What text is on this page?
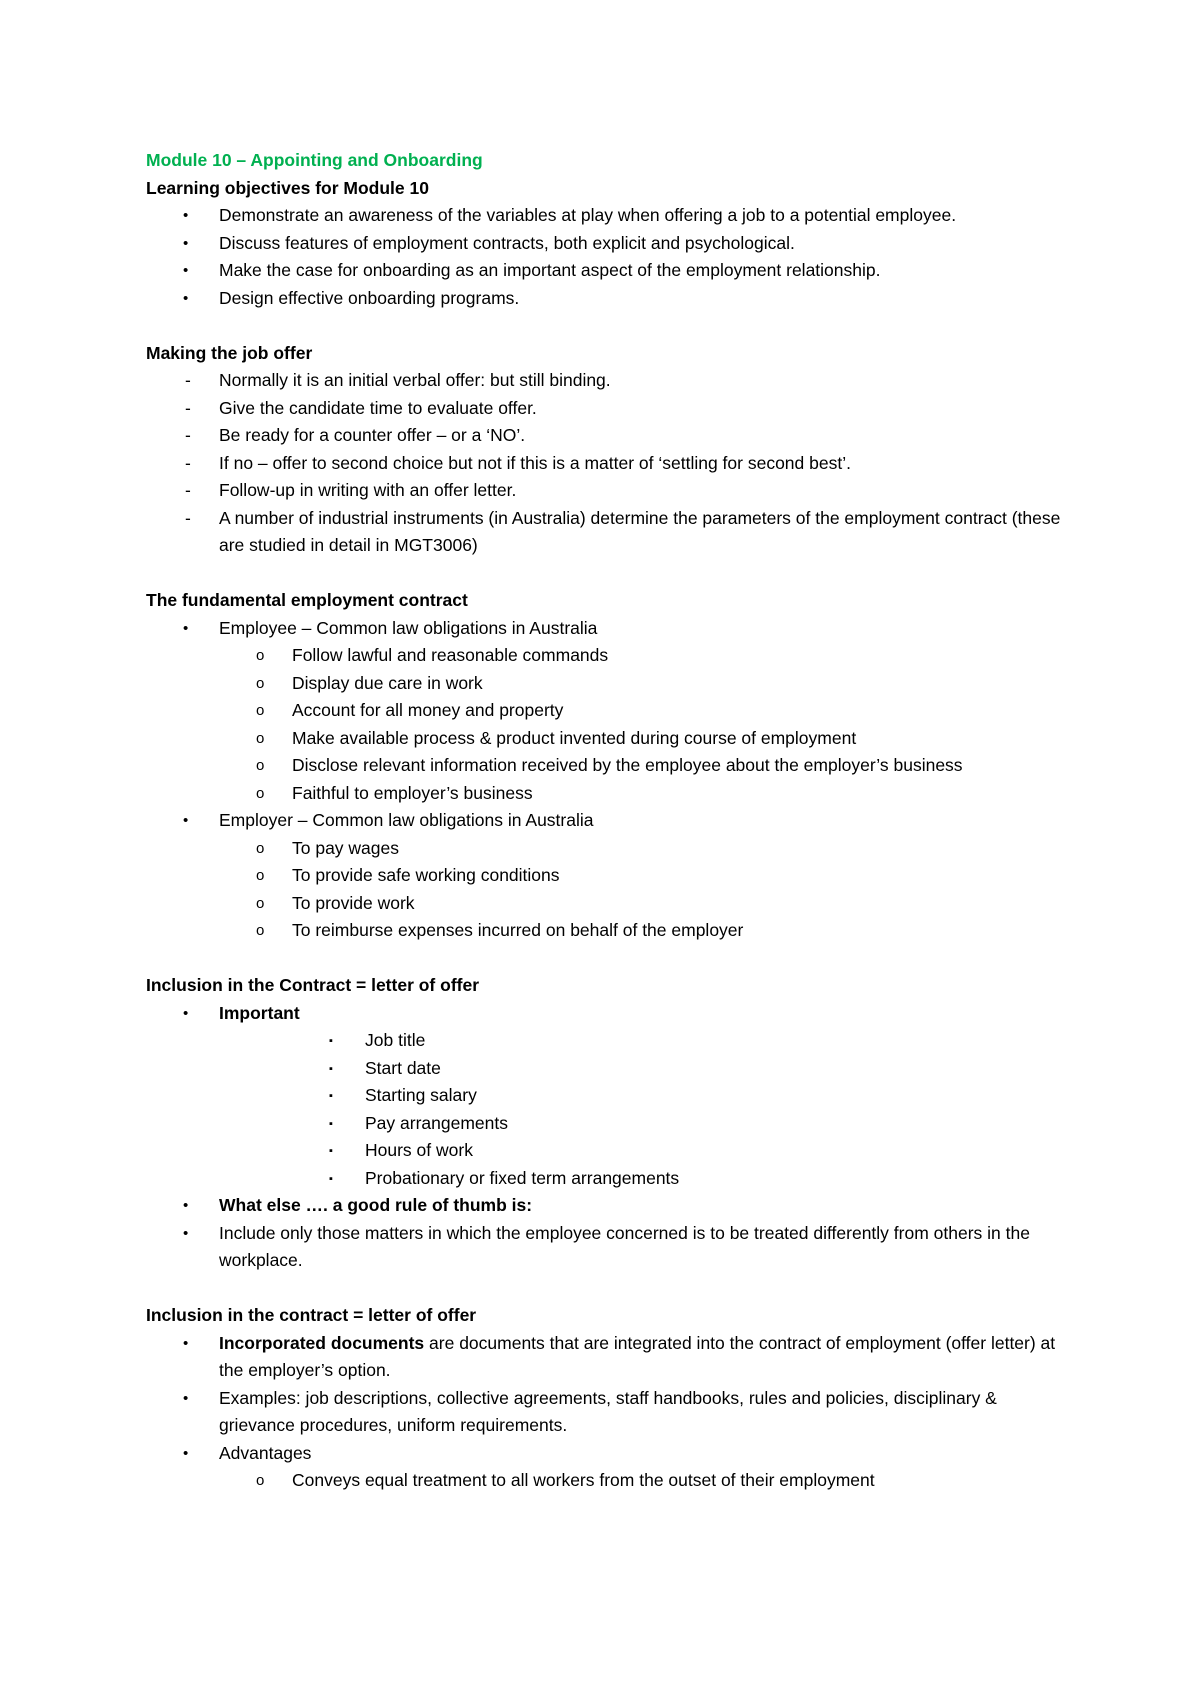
Module 10 – Appointing and Onboarding

Learning objectives for Module 10

• Demonstrate an awareness of the variables at play when offering a job to a potential employee.
• Discuss features of employment contracts, both explicit and psychological.
• Make the case for onboarding as an important aspect of the employment relationship.
• Design effective onboarding programs.

Making the job offer

- Normally it is an initial verbal offer: but still binding.
- Give the candidate time to evaluate offer.
- Be ready for a counter offer – or a ‘NO’.
- If no – offer to second choice but not if this is a matter of ‘settling for second best’.
- Follow-up in writing with an offer letter.
- A number of industrial instruments (in Australia) determine the parameters of the employment contract (these are studied in detail in MGT3006)

The fundamental employment contract

• Employee – Common law obligations in Australia
o Follow lawful and reasonable commands
o Display due care in work
o Account for all money and property
o Make available process & product invented during course of employment
o Disclose relevant information received by the employee about the employer’s business
o Faithful to employer’s business
• Employer – Common law obligations in Australia
o To pay wages
o To provide safe working conditions
o To provide work
o To reimburse expenses incurred on behalf of the employer

Inclusion in the Contract = letter of offer

• Important
▪ Job title
▪ Start date
▪ Starting salary
▪ Pay arrangements
▪ Hours of work
▪ Probationary or fixed term arrangements
• What else …. a good rule of thumb is:
• Include only those matters in which the employee concerned is to be treated differently from others in the workplace.

Inclusion in the contract = letter of offer

• Incorporated documents are documents that are integrated into the contract of employment (offer letter) at the employer’s option.
• Examples: job descriptions, collective agreements, staff handbooks, rules and policies, disciplinary & grievance procedures, uniform requirements.
• Advantages
o Conveys equal treatment to all workers from the outset of their employment
